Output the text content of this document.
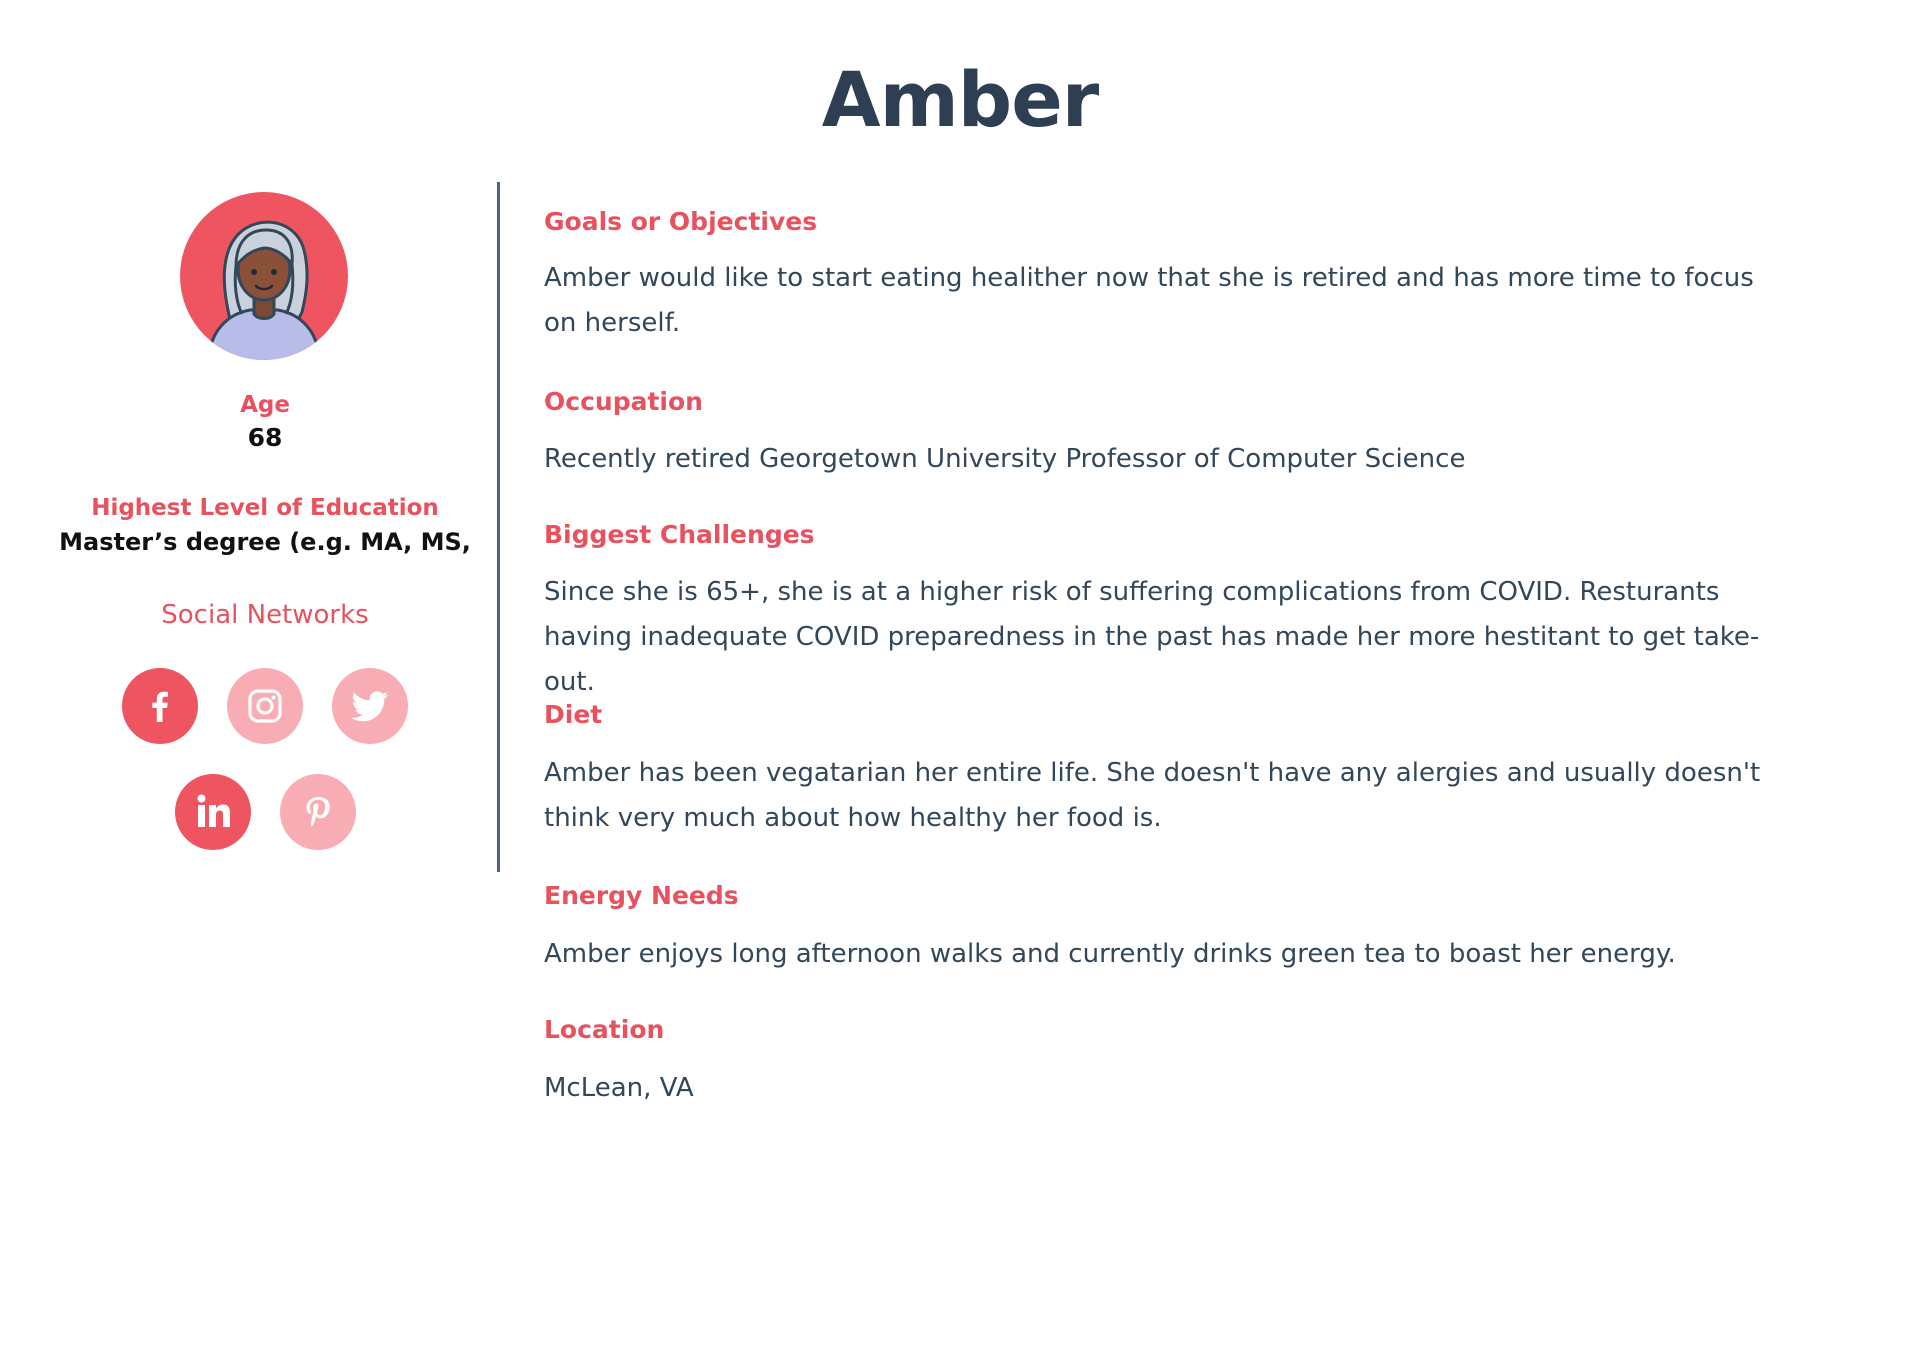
Amber
Age
68
Highest Level of Education
Master’s degree (e.g. MA, MS,
Social Networks
Goals or Objectives

Amber would like to start eating healither now that she is retired and has more time to focus on herself.

Occupation

Recently retired Georgetown University Professor of Computer Science

Biggest Challenges

Since she is 65+, she is at a higher risk of suffering complications from COVID. Resturants having inadequate COVID preparedness in the past has made her more hestitant to get take-out.

Diet

Amber has been vegatarian her entire life. She doesn't have any alergies and usually doesn't think very much about how healthy her food is.

Energy Needs

Amber enjoys long afternoon walks and currently drinks green tea to boast her energy.

Location

McLean, VA
